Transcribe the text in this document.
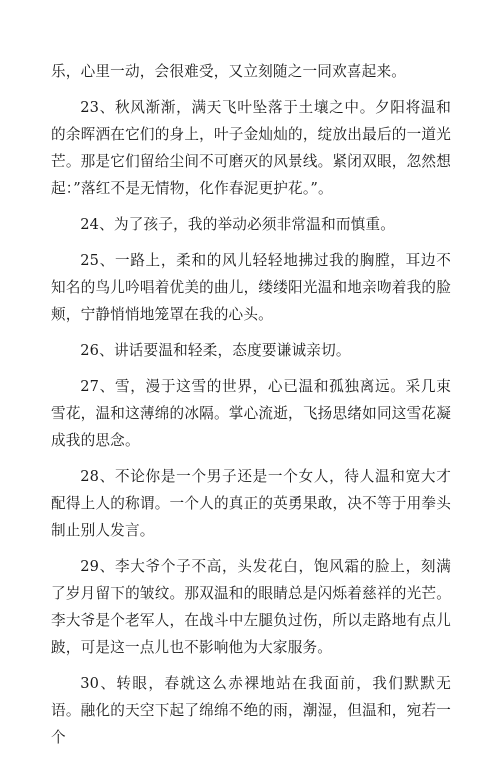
乐，心里一动，会很难受，又立刻随之一同欢喜起来。

23、秋风渐渐，满天飞叶坠落于土壤之中。夕阳将温和的余晖洒在它们的身上，叶子金灿灿的，绽放出最后的一道光芒。那是它们留给尘间不可磨灭的风景线。紧闭双眼，忽然想起：”落红不是无情物，化作春泥更护花。”。

24、为了孩子，我的举动必须非常温和而慎重。

25、一路上，柔和的风儿轻轻地拂过我的胸膛，耳边不知名的鸟儿吟唱着优美的曲儿，缕缕阳光温和地亲吻着我的脸颊，宁静悄悄地笼罩在我的心头。

26、讲话要温和轻柔，态度要谦诚亲切。

27、雪，漫于这雪的世界，心已温和孤独离远。采几束雪花，温和这薄绵的冰隔。掌心流逝，飞扬思绪如同这雪花凝成我的思念。

28、不论你是一个男子还是一个女人，待人温和宽大才配得上人的称谓。一个人的真正的英勇果敢，决不等于用拳头制止别人发言。

29、李大爷个子不高，头发花白，饱风霜的脸上，刻满了岁月留下的皱纹。那双温和的眼睛总是闪烁着慈祥的光芒。李大爷是个老军人，在战斗中左腿负过伤，所以走路地有点儿跛，可是这一点儿也不影响他为大家服务。

30、转眼，春就这么赤裸地站在我面前，我们默默无语。融化的天空下起了绵绵不绝的雨，潮湿，但温和，宛若一个
